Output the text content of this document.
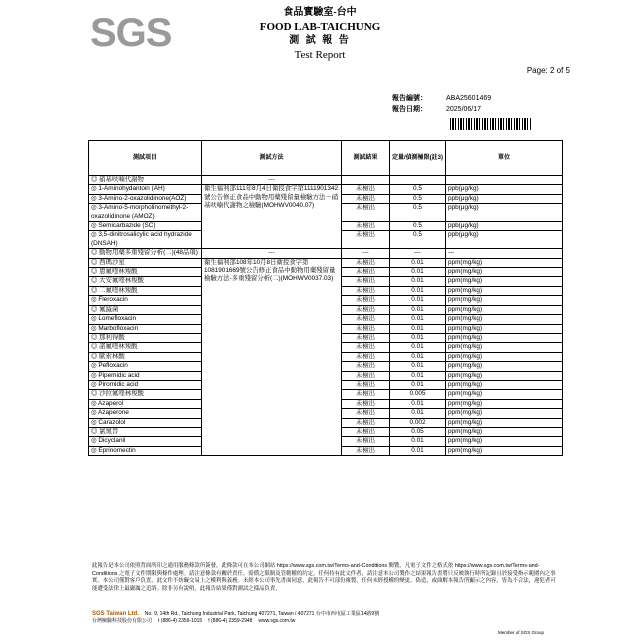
SGS	食品實驗室-台中
FOOD LAB-TAICHUNG
測 試 報 告
Test Report
Page: 2 of 5
報告編號：	ABA25601469
報告日期：	2025/06/17
測試項目	測試方法	測試結果	定量/偵測極限(註3)	單位
◎ 硝基呋喃代謝物	---			
◎ 1-Aminohydantoin (AH)	衛生福利部111年8月4日衛授食字第1111901342號公告修正食品中動物用藥殘留量檢驗方法－硝基呋喃代謝物之檢驗(MOHWV0040.07)	未檢出	0.5	ppb(μg/kg)
◎ 3-Amino-2-oxazolidinone(AOZ)		未檢出	0.5	ppb(μg/kg)
◎ 3-Amino-5-morpholinomethyl-2-oxazolidinone (AMOZ)		未檢出	0.5	ppb(μg/kg)
◎ Semicarbazide (SC)		未檢出	0.5	ppb(μg/kg)
◎ 3,5-dinitrosalicylic acid hydrazide (DNSAH)		未檢出	0.5	ppb(μg/kg)
◎ 動物用藥多重殘留分析(二)(48品項)	---	---	---	---
◎ 西瑪沙星	衛生福利部108年10月8日衛授食字第1081901669號公告修正食品中動物用藥殘留量檢驗方法-多重殘留分析(二)(MOHWV0037.03)	未檢出	0.01	ppm(mg/kg)
◎ 恩氟喹林羧酸		未檢出	0.01	ppm(mg/kg)
◎ 大安氟喹林羧酸		未檢出	0.01	ppm(mg/kg)
◎ 二氟喹林羧酸		未檢出	0.01	ppm(mg/kg)
◎ Fleroxacin		未檢出	0.01	ppm(mg/kg)
◎ 氟滅菌		未檢出	0.01	ppm(mg/kg)
◎ Lomefloxacin		未檢出	0.01	ppm(mg/kg)
◎ Marbofloxacin		未檢出	0.01	ppm(mg/kg)
◎ 那利得酸		未檢出	0.01	ppm(mg/kg)
◎ 諾氟喹林羧酸		未檢出	0.01	ppm(mg/kg)
◎ 歐索林酸		未檢出	0.01	ppm(mg/kg)
◎ Pefloxacin		未檢出	0.01	ppm(mg/kg)
◎ Pipemidic acid		未檢出	0.01	ppm(mg/kg)
◎ Piromidic acid		未檢出	0.01	ppm(mg/kg)
◎ 沙拉氟喹林羧酸		未檢出	0.005	ppm(mg/kg)
◎ Azaperol		未檢出	0.01	ppm(mg/kg)
◎ Azaperone		未檢出	0.01	ppm(mg/kg)
◎ Carazolol		未檢出	0.002	ppm(mg/kg)
◎ 氯氮晉		未檢出	0.05	ppm(mg/kg)
◎ Dicyclanil		未檢出	0.01	ppm(mg/kg)
◎ Eprinomectin		未檢出	0.01	ppm(mg/kg)
此報告是本公司依照背面所印之通用服務條款所簽發，此條款可在本公司網站 https://www.sgs.com.tw/Terms-and-Conditions 閱覽，凡電子文件之格式依 https://www.sgs.com.tw/Terms-and-Conditions 之電子文件期限與條件處理。請注意條款有關於責任、賠償之限制及管轄權的約定。任何持有此文件者，請注意本公司製作之結果報告書將只反映執行時所記錄且於接受指示範圍內之事實。本公司僅對客戶負責，此文件不妨礙交易上之權利與義務。未經本公司事先書面同意，此報告不可部份複製。任何未經授權的變更、偽造、或曲解本報告所顯示之內容，皆為不合法，違犯者可能遭受法律上最嚴厲之追訴。除非另有說明，此報告結果僅對測試之樣品負責。
SGS Taiwan Ltd. No. 9, 14th Rd., Taichung Industrial Park, Taichung 407271, Taiwan / 407271 台中市西屯區工業區14路9號
台灣檢驗科技股份有限公司 t (886-4) 2359-1015 f (886-4) 2359-2948 www.sgs.com.tw
Member of SGS Group
